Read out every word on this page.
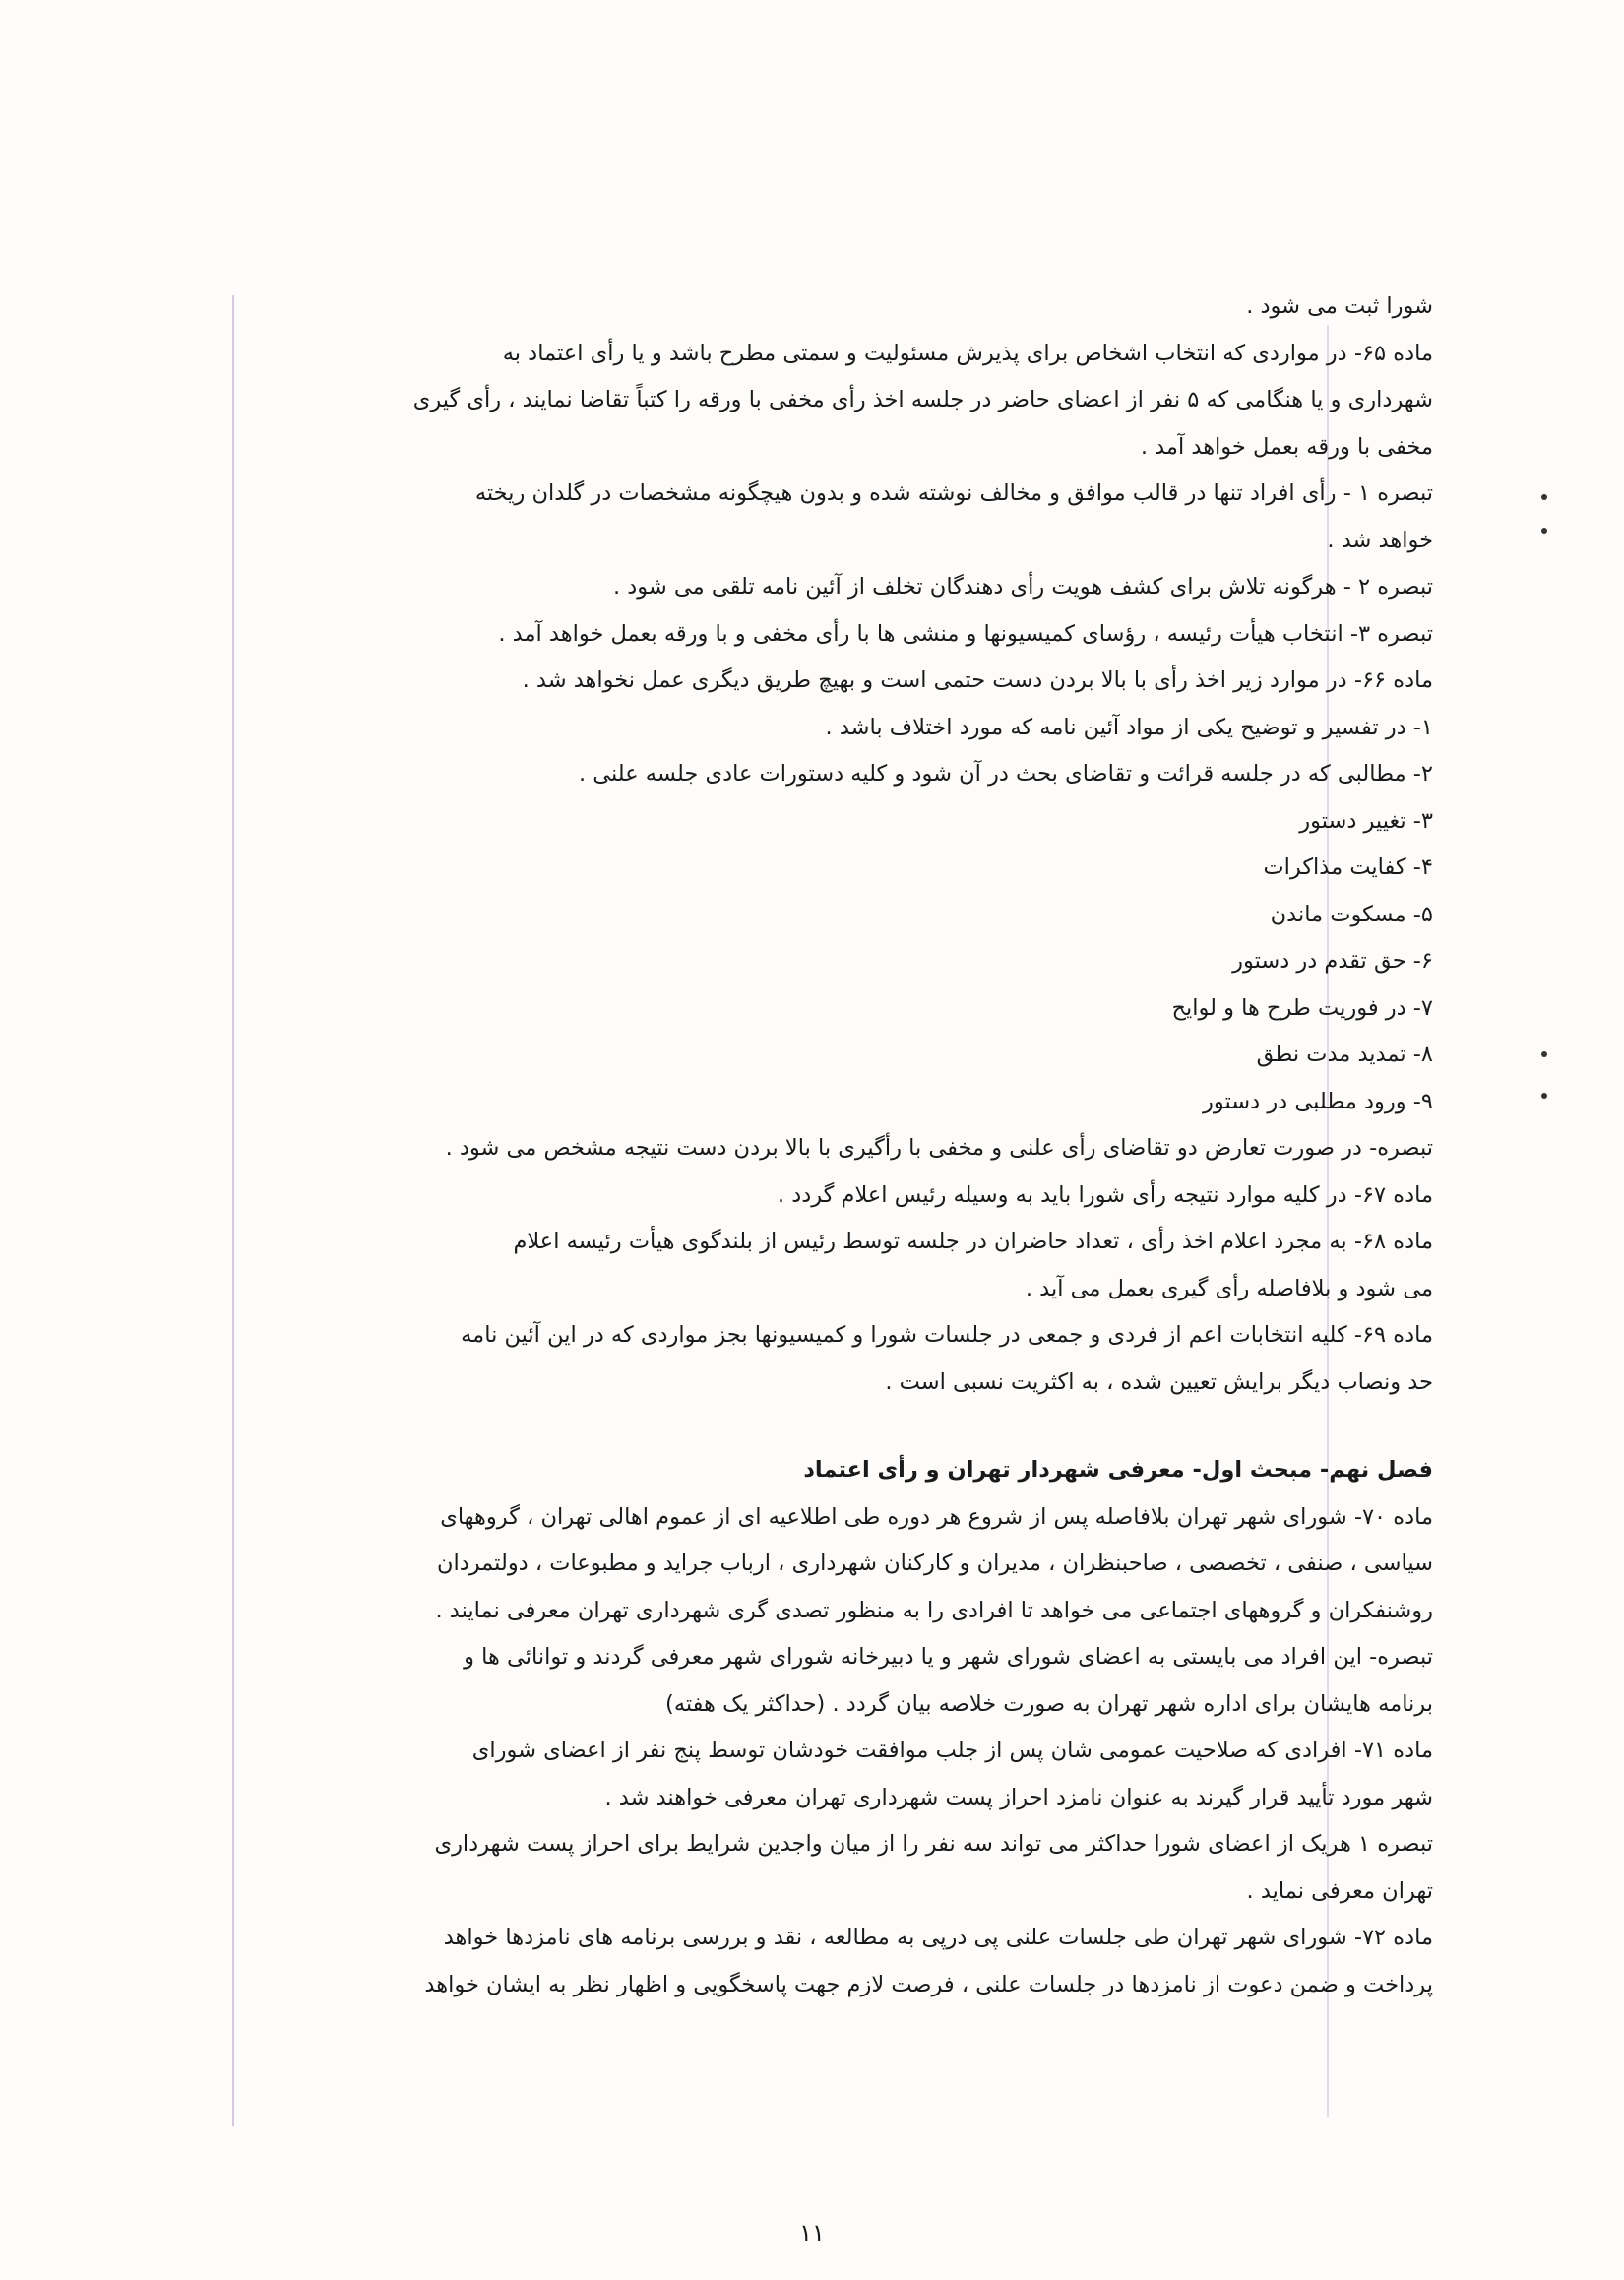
شورا ثبت می شود .

ماده ۶۵- در مواردی که انتخاب اشخاص برای پذیرش مسئولیت و سمتی مطرح باشد و یا رأی اعتماد به

شهرداری و یا هنگامی که ۵ نفر از اعضای حاضر در جلسه اخذ رأی مخفی با ورقه را کتباً تقاضا نمایند ، رأی گیری

مخفی با ورقه بعمل خواهد آمد .

تبصره ۱ - رأی افراد تنها در قالب موافق و مخالف نوشته شده و بدون هیچگونه مشخصات در گلدان ریخته

خواهد شد .

تبصره ۲ - هرگونه تلاش برای کشف هویت رأی دهندگان تخلف از آئین نامه تلقی می شود .

تبصره ۳- انتخاب هیأت رئیسه ، رؤسای کمیسیونها و منشی ها با رأی مخفی و با ورقه بعمل خواهد آمد .

ماده ۶۶- در موارد زیر اخذ رأی با بالا بردن دست حتمی است و بهیچ طریق دیگری عمل نخواهد شد .

۱- در تفسیر و توضیح یکی از مواد آئین نامه که مورد اختلاف باشد .

۲- مطالبی که در جلسه قرائت و تقاضای بحث در آن شود و کلیه دستورات عادی جلسه علنی .

۳- تغییر دستور

۴- کفایت مذاکرات

۵- مسکوت ماندن

۶- حق تقدم در دستور

۷- در فوریت طرح ها و لوایح

۸- تمدید مدت نطق

۹- ورود مطلبی در دستور

تبصره- در صورت تعارض دو تقاضای رأی علنی و مخفی با رأگیری با بالا بردن دست نتیجه مشخص می شود .

ماده ۶۷- در کلیه موارد نتیجه رأی شورا باید به وسیله رئیس اعلام گردد .

ماده ۶۸- به مجرد اعلام اخذ رأی ، تعداد حاضران در جلسه توسط رئیس از بلندگوی هیأت رئیسه اعلام

می شود و بلافاصله رأی گیری بعمل می آید .

ماده ۶۹- کلیه انتخابات اعم از فردی و جمعی در جلسات شورا و کمیسیونها بجز مواردی که در این آئین نامه

حد ونصاب دیگر برایش تعیین شده ، به اکثریت نسبی است .

فصل نهم- مبحث اول- معرفی شهردار تهران و رأی اعتماد

ماده ۷۰- شورای شهر تهران بلافاصله پس از شروع هر دوره طی اطلاعیه ای از عموم اهالی تهران ، گروههای

سیاسی ، صنفی ، تخصصی ، صاحبنظران ، مدیران و کارکنان شهرداری ، ارباب جراید و مطبوعات ، دولتمردان

روشنفکران و گروههای اجتماعی می خواهد تا افرادی را به منظور تصدی گری شهرداری تهران معرفی نمایند .

تبصره- این افراد می بایستی به اعضای شورای شهر و یا دبیرخانه شورای شهر معرفی گردند و توانائی ها و

برنامه هایشان برای اداره شهر تهران به صورت خلاصه بیان گردد . (حداکثر یک هفته)

ماده ۷۱- افرادی که صلاحیت عمومی شان پس از جلب موافقت خودشان توسط پنج نفر از اعضای شورای

شهر مورد تأیید قرار گیرند به عنوان نامزد احراز پست شهرداری تهران معرفی خواهند شد .

تبصره ۱ هریک از اعضای شورا حداکثر می تواند سه نفر را از میان واجدین شرایط برای احراز پست شهرداری

تهران معرفی نماید .

ماده ۷۲- شورای شهر تهران طی جلسات علنی پی درپی به مطالعه ، نقد و بررسی برنامه های نامزدها خواهد

پرداخت و ضمن دعوت از نامزدها در جلسات علنی ، فرصت لازم جهت پاسخگویی و اظهار نظر به ایشان خواهد

۱۱
